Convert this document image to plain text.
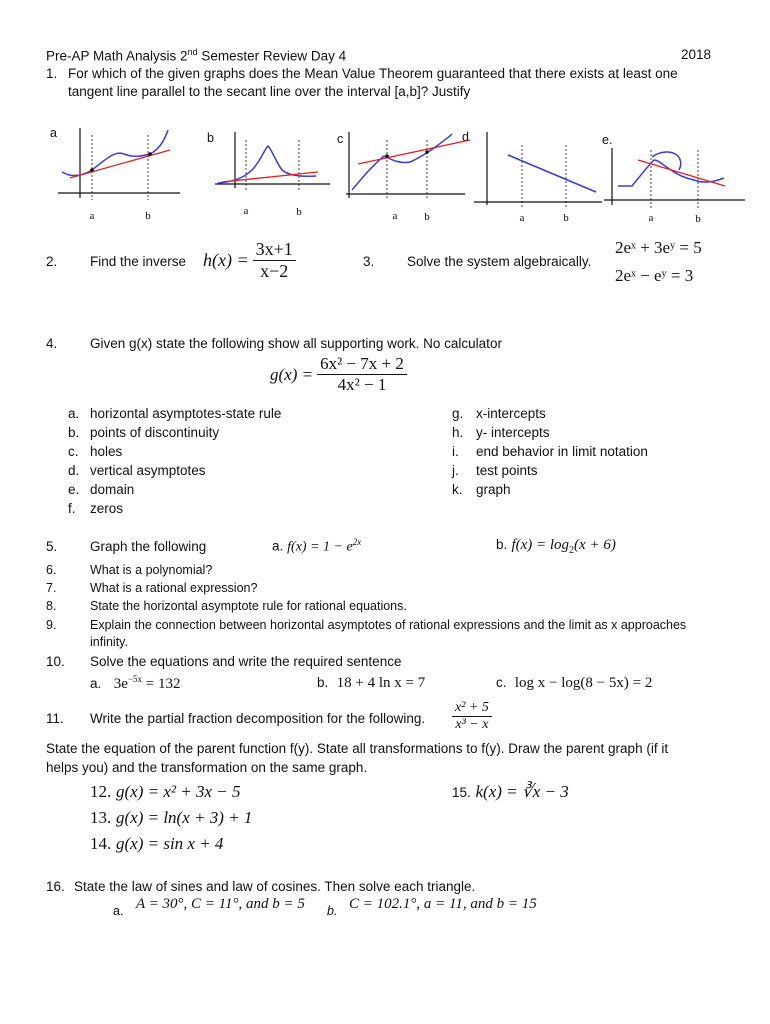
Pre-AP Math Analysis 2nd Semester Review Day 4	2018
1. For which of the given graphs does the Mean Value Theorem guaranteed that there exists at least one
tangent line parallel to the secant line over the interval [a,b]? Justify
a	b	c	d	e.
a	b	a	b	a b	a	b	a	b
2. Find the inverse $h(x) = \frac{3x+1}{x-2}$	3. Solve the system algebraically.
2eˣ + 3eʸ = 5
2eˣ − eʸ = 3
4. Given g(x) state the following show all supporting work. No calculator
$g(x) = \frac{\text{6x² − 7x + 2}}{\text{4x² − 1}}$
a. horizontal asymptotes-state rule
b. points of discontinuity
c. holes
d. vertical asymptotes
e. domain
f. zeros
g. x-intercepts
h. y- intercepts
i. end behavior in limit notation
j. test points
k. graph
5. Graph the following	a. $f(x) = 1 - e^{2x}$	b. $f(x) = \log_2(x + 6)$
6.	What is a polynomial?
7.	What is a rational expression?
8.	State the horizontal asymptote rule for rational equations.
9.	Explain the connection between horizontal asymptotes of rational expressions and the limit as x approaches
infinity.
10. Solve the equations and write the required sentence
a. $3e^{-5x} = 132$	b. 18 + 4 ln x = 7	c. log x − log(8 − 5x) = 2
11. Write the partial fraction decomposition for the following. $\frac{\text{x² + 5}}{\text{x³ − x}}$
State the equation of the parent function f(y). State all transformations to f(y). Draw the parent graph (if it
helps you) and the transformation on the same graph.
12. g(x) = x² + 3x − 5
13. g(x) = ln(x + 3) + 1
14. g(x) = sin x + 4
15. k(x) = ∛x − 3
16. State the law of sines and law of cosines. Then solve each triangle.
a. A = 30°, C = 11°, and b = 5 b. C = 102.1°, a = 11, and b = 15
